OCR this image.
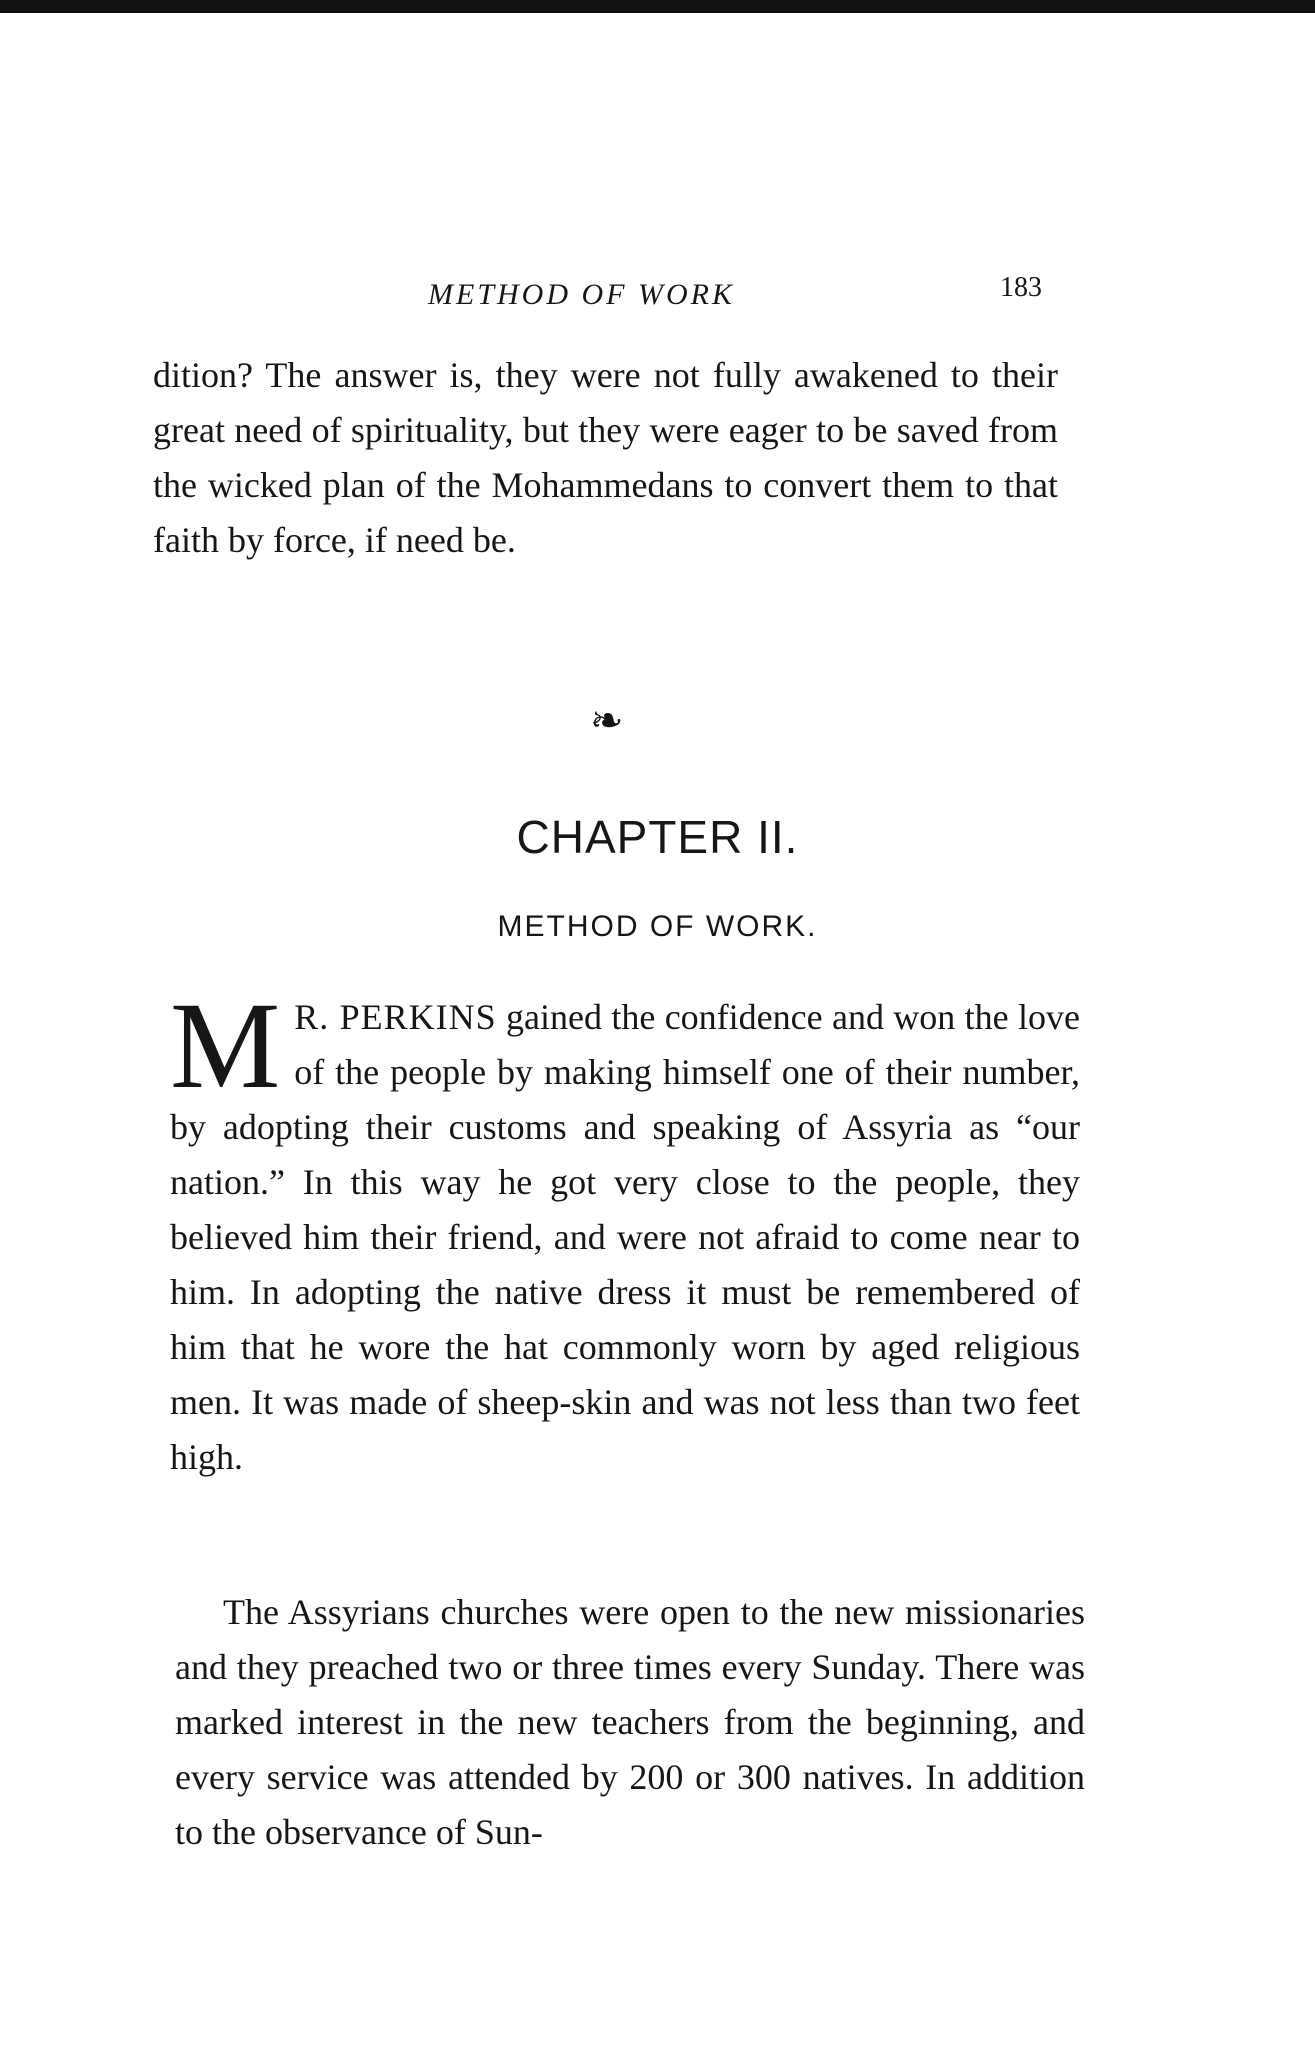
METHOD OF WORK	183

dition? The answer is, they were not fully awakened to their great need of spirituality, but they were eager to be saved from the wicked plan of the Mohammedans to convert them to that faith by force, if need be.

❧
CHAPTER II.
METHOD OF WORK.

M R. PERKINS gained the confidence and won the love of the people by making himself one of their number, by adopting their customs and speaking of Assyria as “our nation.” In this way he got very close to the people, they believed him their friend, and were not afraid to come near to him. In adopting the native dress it must be remembered of him that he wore the hat commonly worn by aged religious men. It was made of sheep-skin and was not less than two feet high.

The Assyrians churches were open to the new missionaries and they preached two or three times every Sunday. There was marked interest in the new teachers from the beginning, and every service was attended by 200 or 300 natives. In addition to the observance of Sun-
